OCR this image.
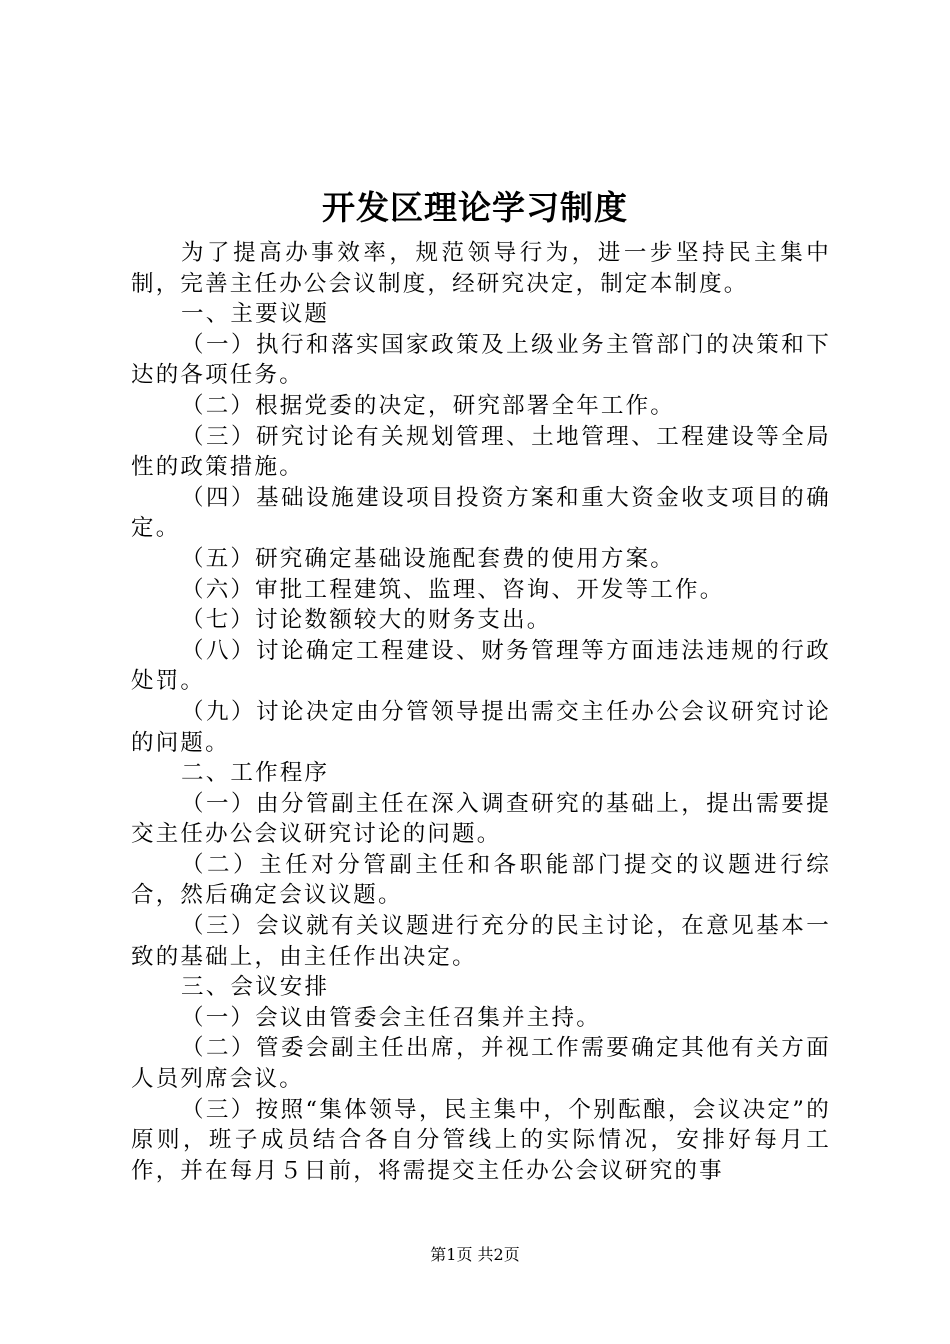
开发区理论学习制度

为了提高办事效率，规范领导行为，进一步坚持民主集中制，完善主任办公会议制度，经研究决定，制定本制度。

一、主要议题

（一）执行和落实国家政策及上级业务主管部门的决策和下达的各项任务。

（二）根据党委的决定，研究部署全年工作。

（三）研究讨论有关规划管理、土地管理、工程建设等全局性的政策措施。

（四）基础设施建设项目投资方案和重大资金收支项目的确定。

（五）研究确定基础设施配套费的使用方案。

（六）审批工程建筑、监理、咨询、开发等工作。

（七）讨论数额较大的财务支出。

（八）讨论确定工程建设、财务管理等方面违法违规的行政处罚。

（九）讨论决定由分管领导提出需交主任办公会议研究讨论的问题。

二、工作程序

（一）由分管副主任在深入调查研究的基础上，提出需要提交主任办公会议研究讨论的问题。

（二）主任对分管副主任和各职能部门提交的议题进行综合，然后确定会议议题。

（三）会议就有关议题进行充分的民主讨论，在意见基本一致的基础上，由主任作出决定。

三、会议安排

（一）会议由管委会主任召集并主持。

（二）管委会副主任出席，并视工作需要确定其他有关方面人员列席会议。

（三）按照“集体领导，民主集中，个别酝酿，会议决定”的原则，班子成员结合各自分管线上的实际情况，安排好每月工作，并在每月５日前，将需提交主任办公会议研究的事

第1页 共2页
